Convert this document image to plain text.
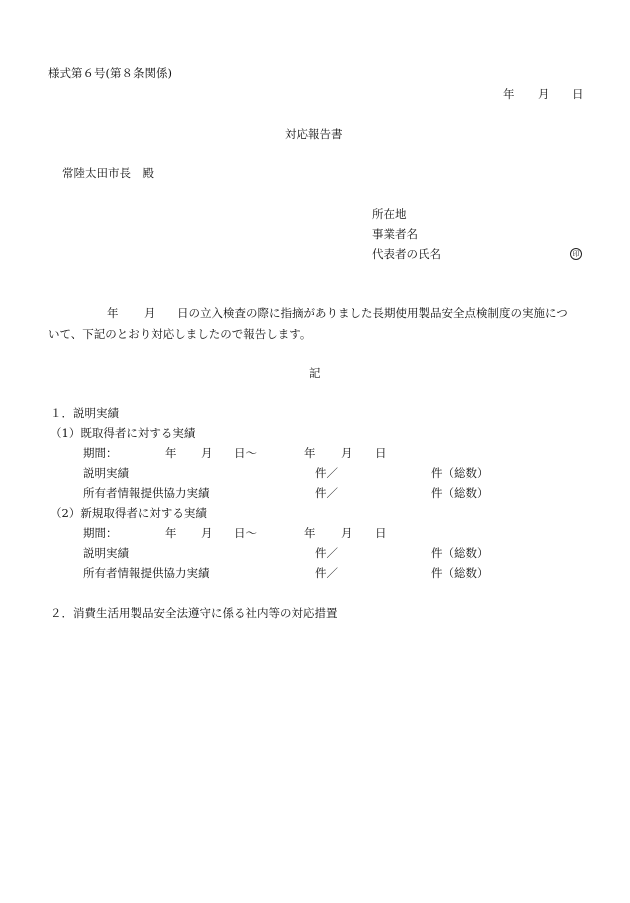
様式第６号(第８条関係)
年 月 日
対応報告書
常陸太田市長　殿
所在地
事業者名
代表者の氏名	印
年 月 日の立入検査の際に指摘がありました長期使用製品安全点検制度の実施につ
いて、下記のとおり対応しましたので報告します。
記
１．説明実績
（1）既取得者に対する実績
期間：	年 月 日〜	年 月 日
説明実績	件／	件（総数）
所有者情報提供協力実績	件／	件（総数）
（2）新規取得者に対する実績
期間：	年 月 日〜	年 月 日
説明実績	件／	件（総数）
所有者情報提供協力実績	件／	件（総数）
２．消費生活用製品安全法遵守に係る社内等の対応措置
